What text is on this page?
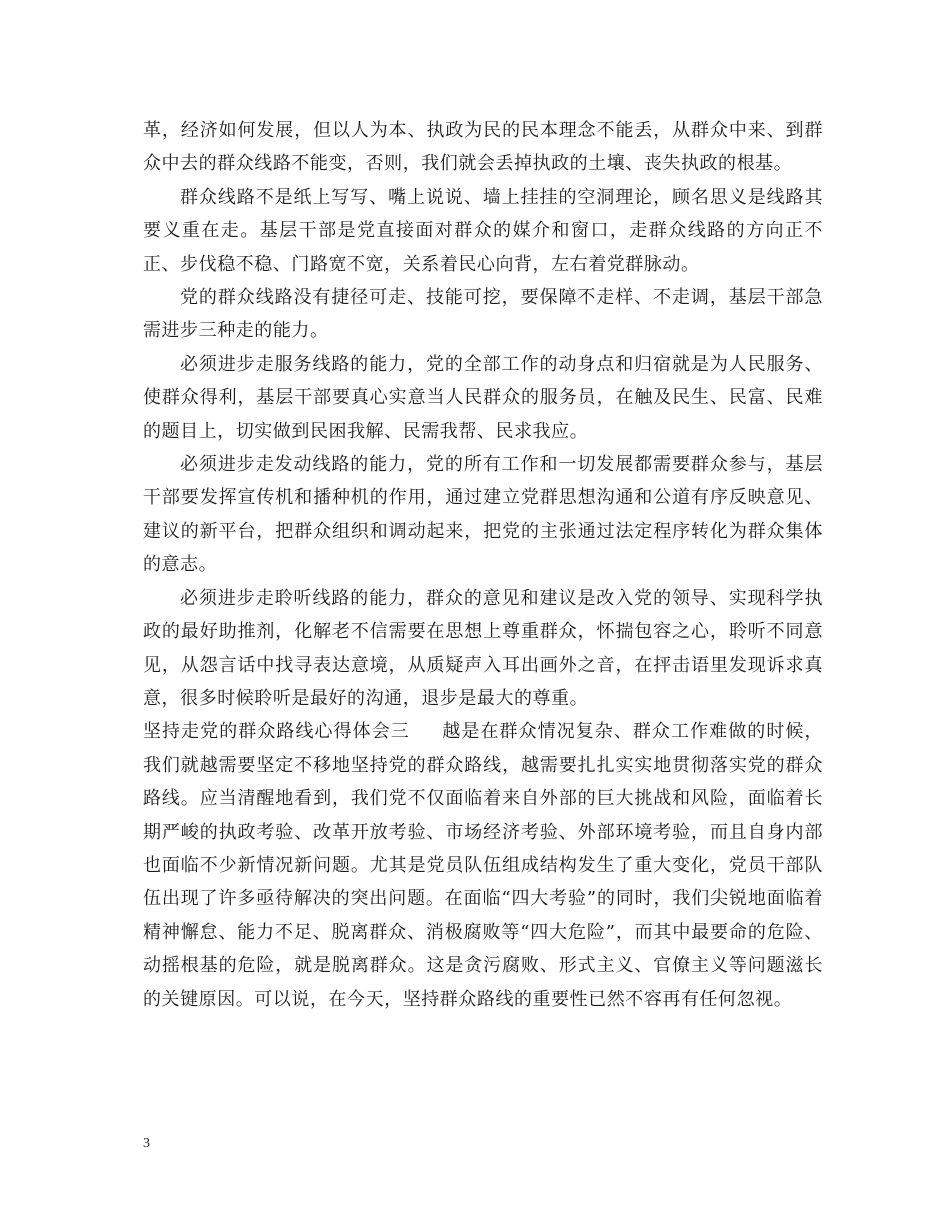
革，经济如何发展，但以人为本、执政为民的民本理念不能丢，从群众中来、到群众中去的群众线路不能变，否则，我们就会丢掉执政的土壤、丧失执政的根基。

群众线路不是纸上写写、嘴上说说、墙上挂挂的空洞理论，顾名思义是线路其要义重在走。基层干部是党直接面对群众的媒介和窗口，走群众线路的方向正不正、步伐稳不稳、门路宽不宽，关系着民心向背，左右着党群脉动。

党的群众线路没有捷径可走、技能可挖，要保障不走样、不走调，基层干部急需进步三种走的能力。

必须进步走服务线路的能力，党的全部工作的动身点和归宿就是为人民服务、使群众得利，基层干部要真心实意当人民群众的服务员，在触及民生、民富、民难的题目上，切实做到民困我解、民需我帮、民求我应。

必须进步走发动线路的能力，党的所有工作和一切发展都需要群众参与，基层干部要发挥宣传机和播种机的作用，通过建立党群思想沟通和公道有序反映意见、建议的新平台，把群众组织和调动起来，把党的主张通过法定程序转化为群众集体的意志。

必须进步走聆听线路的能力，群众的意见和建议是改入党的领导、实现科学执政的最好助推剂，化解老不信需要在思想上尊重群众，怀揣包容之心，聆听不同意见，从怨言话中找寻表达意境，从质疑声入耳出画外之音，在抨击语里发现诉求真意，很多时候聆听是最好的沟通，退步是最大的尊重。

坚持走党的群众路线心得体会三 越是在群众情况复杂、群众工作难做的时候，我们就越需要坚定不移地坚持党的群众路线，越需要扎扎实实地贯彻落实党的群众路线。应当清醒地看到，我们党不仅面临着来自外部的巨大挑战和风险，面临着长期严峻的执政考验、改革开放考验、市场经济考验、外部环境考验，而且自身内部也面临不少新情况新问题。尤其是党员队伍组成结构发生了重大变化，党员干部队伍出现了许多亟待解决的突出问题。在面临“四大考验”的同时，我们尖锐地面临着精神懈怠、能力不足、脱离群众、消极腐败等“四大危险”，而其中最要命的危险、动摇根基的危险，就是脱离群众。这是贪污腐败、形式主义、官僚主义等问题滋长的关键原因。可以说，在今天，坚持群众路线的重要性已然不容再有任何忽视。

3
